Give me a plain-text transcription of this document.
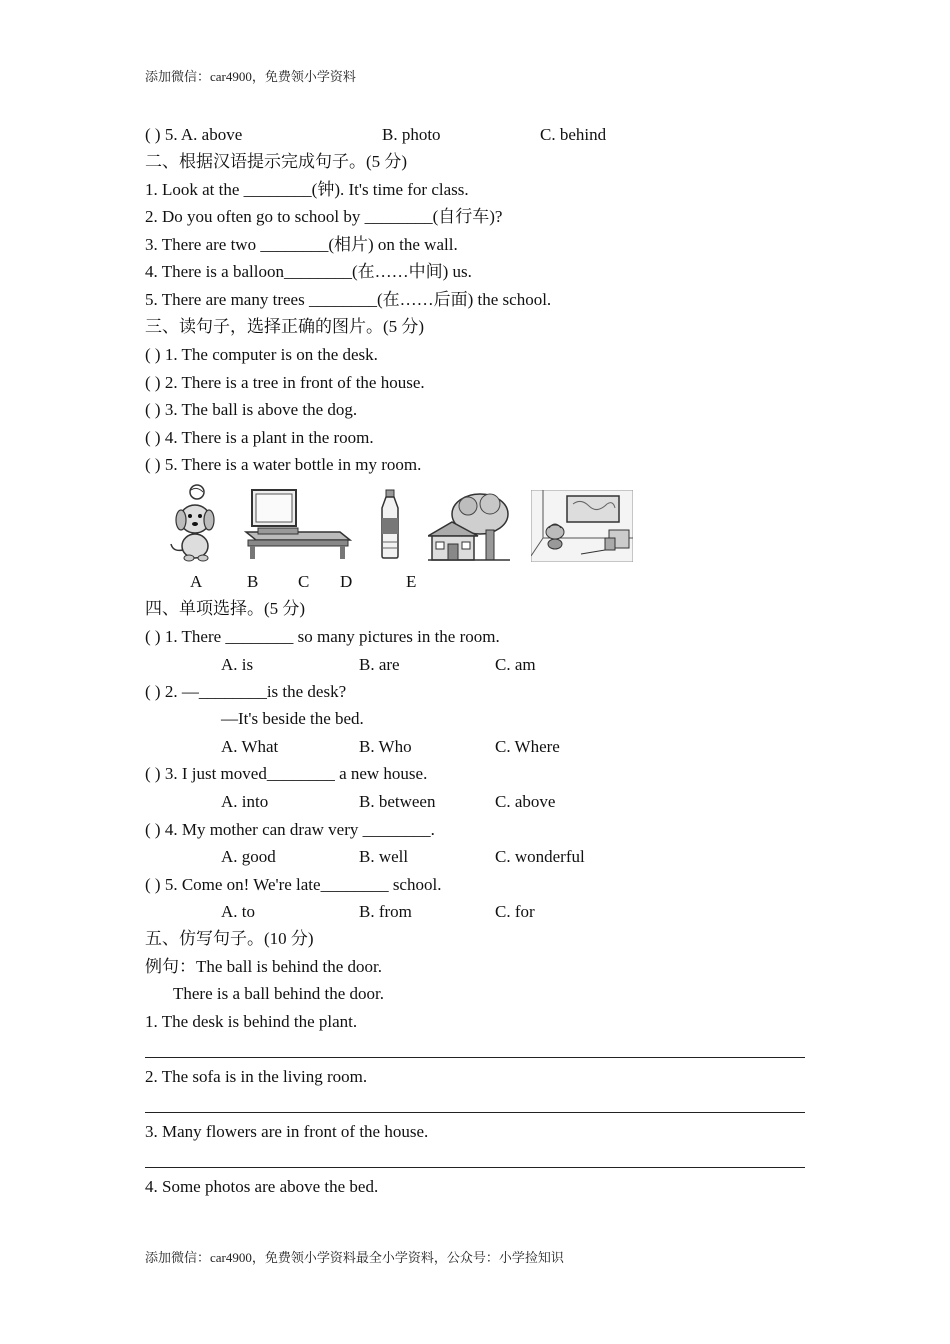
添加微信：car4900，免费领小学资料
( ) 5. A. above	B. photo	C. behind
二、根据汉语提示完成句子。(5 分)
1. Look at the ________(钟). It's time for class.
2. Do you often go to school by ________(自行车)?
3. There are two ________(相片) on the wall.
4. There is a balloon________(在……中间) us.
5. There are many trees ________(在……后面) the school.
三、读句子，选择正确的图片。(5 分)
( ) 1. The computer is on the desk.
( ) 2. There is a tree in front of the house.
( ) 3. The ball is above the dog.
( ) 4. There is a plant in the room.
( ) 5. There is a water bottle in my room.
A	B C D	E
四、单项选择。(5 分)
( ) 1. There ________ so many pictures in the room.
A. is	B. are	C. am
( ) 2. —________is the desk?
—It's beside the bed.
A. What	B. Who	C. Where
( ) 3. I just moved________ a new house.
A. into	B. between	C. above
( ) 4. My mother can draw very ________.
A. good	B. well	C. wonderful
( ) 5. Come on! We're late________ school.
A. to	B. from	C. for
五、仿写句子。(10 分)
例句：The ball is behind the door.
There is a ball behind the door.
1. The desk is behind the plant.
2. The sofa is in the living room.
3. Many flowers are in front of the house.
4. Some photos are above the bed.
添加微信：car4900，免费领小学资料最全小学资料，公众号：小学捡知识
